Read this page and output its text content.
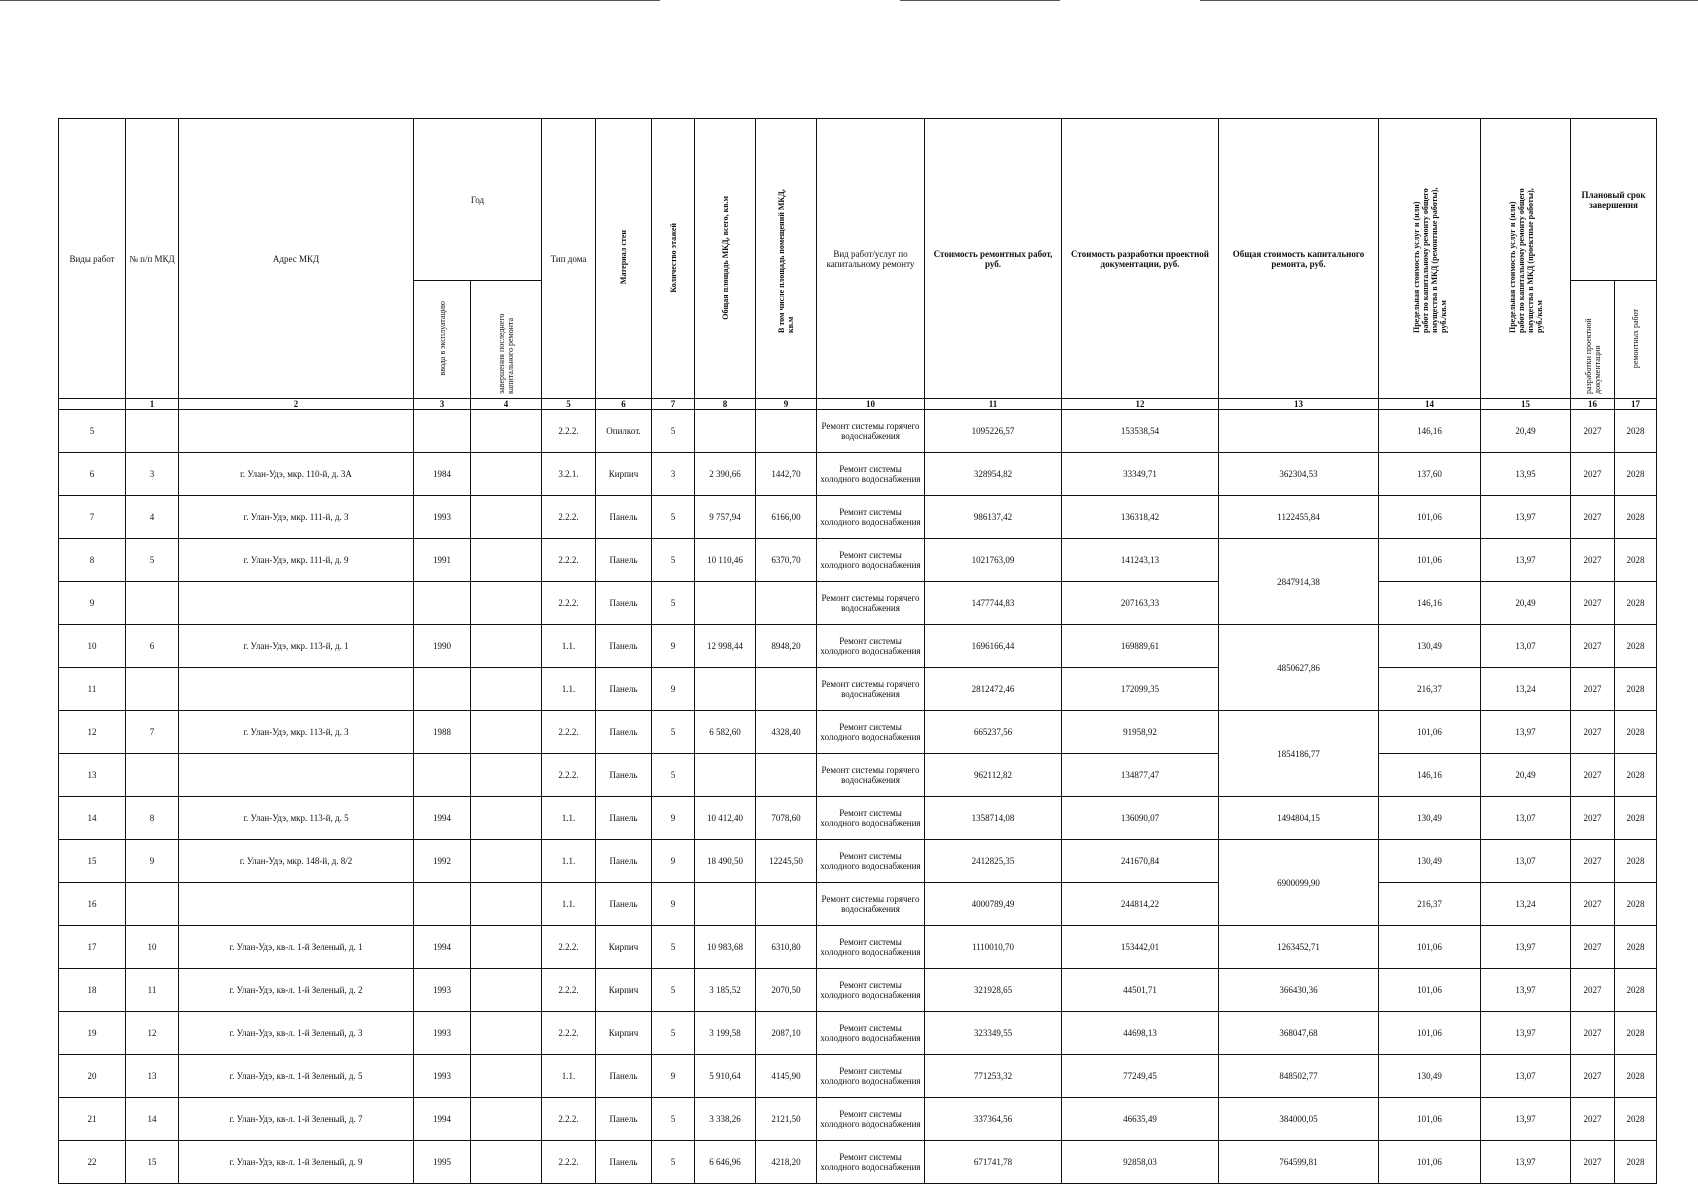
Виды работ	№ п/п МКД	Адрес МКД	Год		Тип дома	Материал стен	Количество этажей	Общая площадь МКД, всего, кв.м	В том числе площадь помещений МКД, кв.м	Вид работ/услуг по капитальному ремонту	Стоимость ремонтных работ, руб.	Стоимость разработки проектной документации, руб.	Общая стоимость капитального ремонта, руб.	Предельная стоимость услуг и (или) работ по капитальному ремонту общего имущества в МКД (ремонтные работы), руб./кв.м	Предельная стоимость услуг и (или) работ по капитальному ремонту общего имущества в МКД (проектные работы), руб./кв.м	Плановый срок завершения	
			ввода в эксплуатацию	завершения последнего капитального ремонта												разработки проектной документации	ремонтных работ
	1	2	3	4	5	6	7	8	9	10	11	12	13	14	15	16	17
5					2.2.2.	Опилкот.	5			Ремонт системы горячего водоснабжения	1095226,57	153538,54		146,16	20,49	2027	2028
6	3	г. Улан-Удэ, мкр. 110-й, д. 3А	1984		3.2.1.	Кирпич	3	2 390,66	1442,70	Ремонт системы холодного водоснабжения	328954,82	33349,71	362304,53	137,60	13,95	2027	2028
7	4	г. Улан-Удэ, мкр. 111-й, д. 3	1993		2.2.2.	Панель	5	9 757,94	6166,00	Ремонт системы холодного водоснабжения	986137,42	136318,42	1122455,84	101,06	13,97	2027	2028
8	5	г. Улан-Удэ, мкр. 111-й, д. 9	1991		2.2.2.	Панель	5	10 110,46	6370,70	Ремонт системы холодного водоснабжения	1021763,09	141243,13	2847914,38	101,06	13,97	2027	2028
9					2.2.2.	Панель	5			Ремонт системы горячего водоснабжения	1477744,83	207163,33		146,16	20,49	2027	2028
10	6	г. Улан-Удэ, мкр. 113-й, д. 1	1990		1.1.	Панель	9	12 998,44	8948,20	Ремонт системы холодного водоснабжения	1696166,44	169889,61	4850627,86	130,49	13,07	2027	2028
11					1.1.	Панель	9			Ремонт системы горячего водоснабжения	2812472,46	172099,35		216,37	13,24	2027	2028
12	7	г. Улан-Удэ, мкр. 113-й, д. 3	1988		2.2.2.	Панель	5	6 582,60	4328,40	Ремонт системы холодного водоснабжения	665237,56	91958,92	1854186,77	101,06	13,97	2027	2028
13					2.2.2.	Панель	5			Ремонт системы горячего водоснабжения	962112,82	134877,47		146,16	20,49	2027	2028
14	8	г. Улан-Удэ, мкр. 113-й, д. 5	1994		1.1.	Панель	9	10 412,40	7078,60	Ремонт системы холодного водоснабжения	1358714,08	136090,07	1494804,15	130,49	13,07	2027	2028
15	9	г. Улан-Удэ, мкр. 148-й, д. 8/2	1992		1.1.	Панель	9	18 490,50	12245,50	Ремонт системы холодного водоснабжения	2412825,35	241670,84	6900099,90	130,49	13,07	2027	2028
16					1.1.	Панель	9			Ремонт системы горячего водоснабжения	4000789,49	244814,22		216,37	13,24	2027	2028
17	10	г. Улан-Удэ, кв-л. 1-й Зеленый, д. 1	1994		2.2.2.	Кирпич	5	10 983,68	6310,80	Ремонт системы холодного водоснабжения	1110010,70	153442,01	1263452,71	101,06	13,97	2027	2028
18	11	г. Улан-Удэ, кв-л. 1-й Зеленый, д. 2	1993		2.2.2.	Кирпич	5	3 185,52	2070,50	Ремонт системы холодного водоснабжения	321928,65	44501,71	366430,36	101,06	13,97	2027	2028
19	12	г. Улан-Удэ, кв-л. 1-й Зеленый, д. 3	1993		2.2.2.	Кирпич	5	3 199,58	2087,10	Ремонт системы холодного водоснабжения	323349,55	44698,13	368047,68	101,06	13,97	2027	2028
20	13	г. Улан-Удэ, кв-л. 1-й Зеленый, д. 5	1993		1.1.	Панель	9	5 910,64	4145,90	Ремонт системы холодного водоснабжения	771253,32	77249,45	848502,77	130,49	13,07	2027	2028
21	14	г. Улан-Удэ, кв-л. 1-й Зеленый, д. 7	1994		2.2.2.	Панель	5	3 338,26	2121,50	Ремонт системы холодного водоснабжения	337364,56	46635,49	384000,05	101,06	13,97	2027	2028
22	15	г. Улан-Удэ, кв-л. 1-й Зеленый, д. 9	1995		2.2.2.	Панель	5	6 646,96	4218,20	Ремонт системы холодного водоснабжения	671741,78	92858,03	764599,81	101,06	13,97	2027	2028
